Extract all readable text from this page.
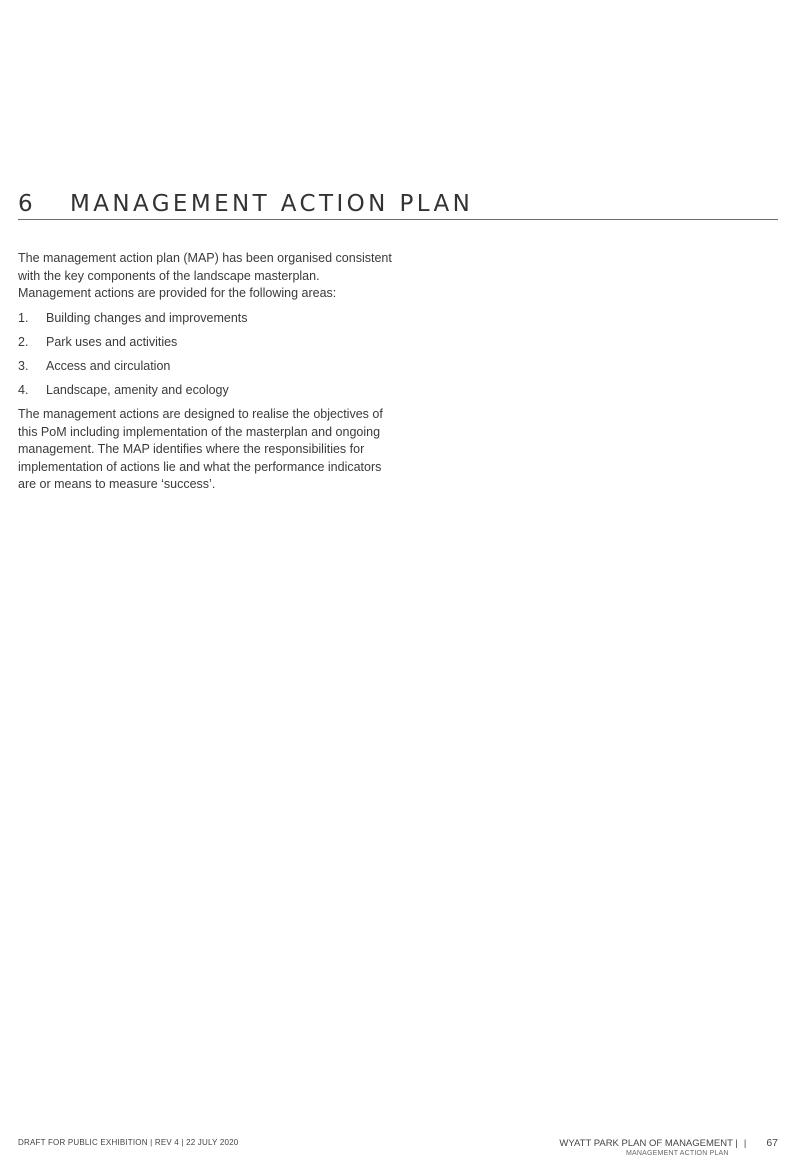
6 MANAGEMENT ACTION PLAN

The management action plan (MAP) has been organised consistent with the key components of the landscape masterplan. Management actions are provided for the following areas:

1. Building changes and improvements
2. Park uses and activities
3. Access and circulation
4. Landscape, amenity and ecology

The management actions are designed to realise the objectives of this PoM including implementation of the masterplan and ongoing management. The MAP identifies where the responsibilities for implementation of actions lie and what the performance indicators are or means to measure ‘success’.

DRAFT FOR PUBLIC EXHIBITION | REV 4 | 22 JULY 2020	WYATT PARK PLAN OF MANAGEMENT | | 67
MANAGEMENT ACTION PLAN
